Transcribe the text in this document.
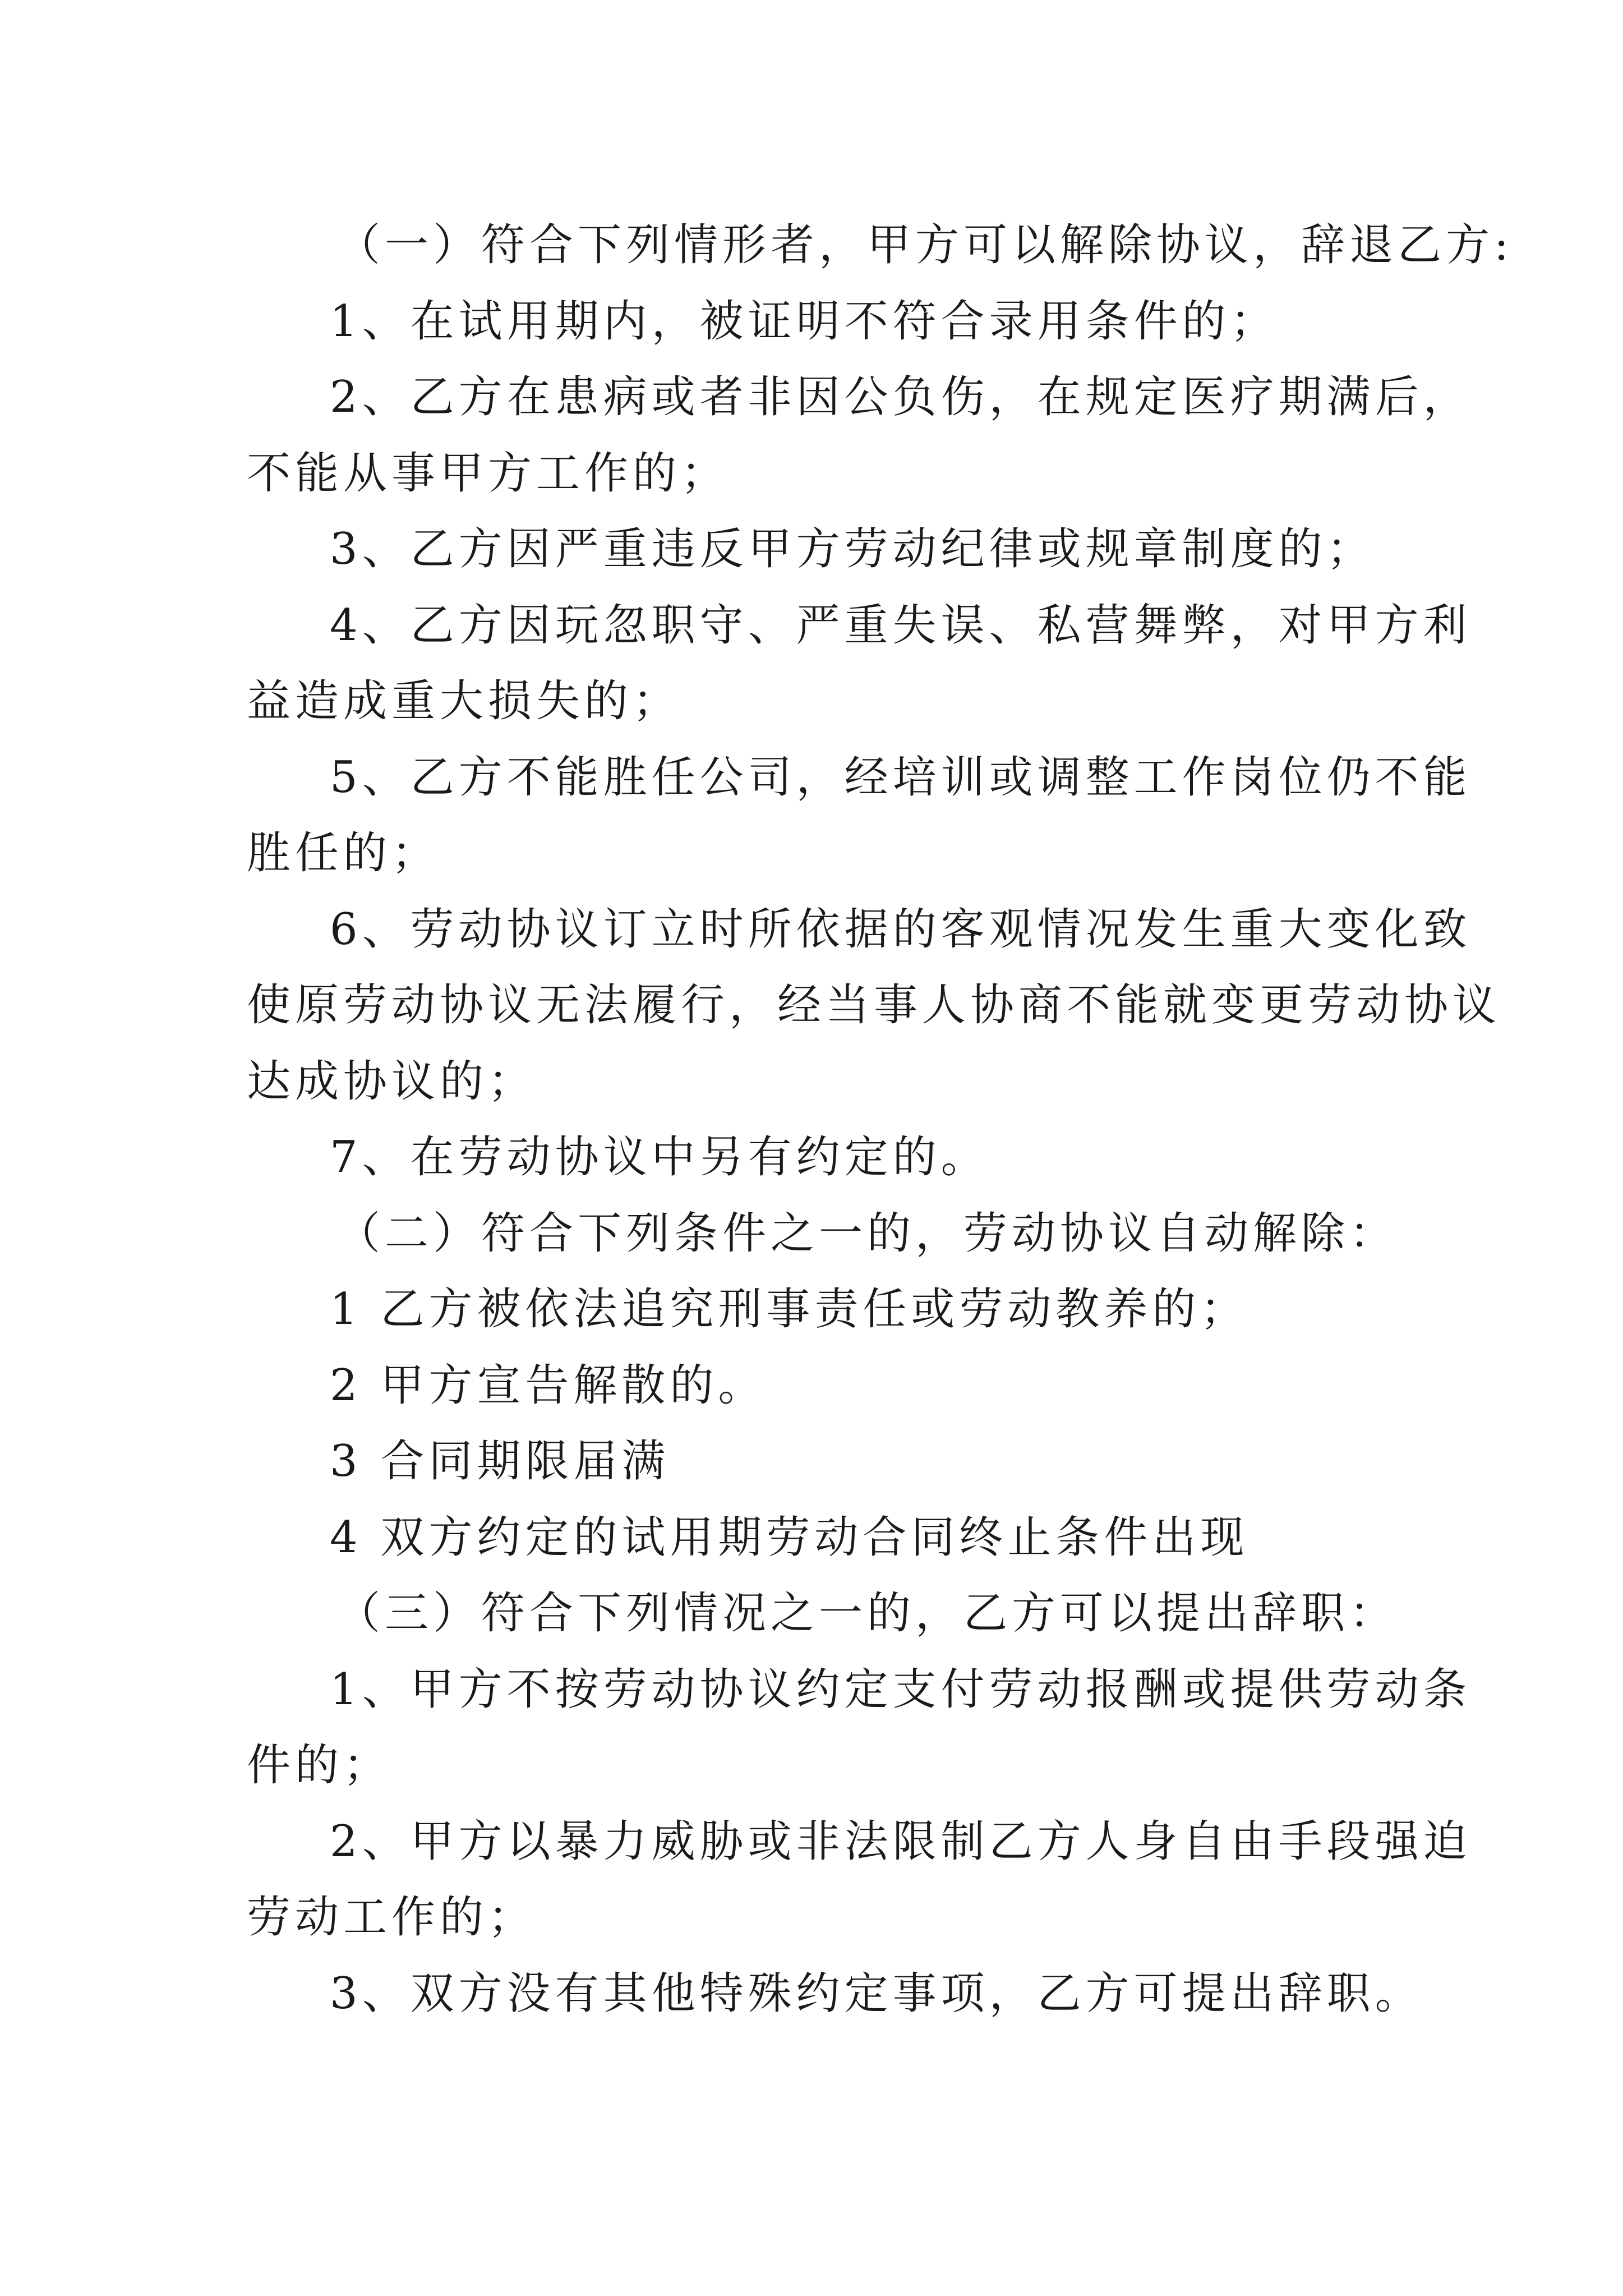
（一）符合下列情形者，甲方可以解除协议，辞退乙方:
1、在试用期内，被证明不符合录用条件的；
2、乙方在患病或者非因公负伤，在规定医疗期满后，
不能从事甲方工作的；
3、乙方因严重违反甲方劳动纪律或规章制度的；
4、乙方因玩忽职守、严重失误、私营舞弊，对甲方利
益造成重大损失的；
5、乙方不能胜任公司，经培训或调整工作岗位仍不能
胜任的；
6、劳动协议订立时所依据的客观情况发生重大变化致
使原劳动协议无法履行，经当事人协商不能就变更劳动协议
达成协议的；
7、在劳动协议中另有约定的。
（二）符合下列条件之一的，劳动协议自动解除：
1 乙方被依法追究刑事责任或劳动教养的；
2 甲方宣告解散的。
3 合同期限届满
4 双方约定的试用期劳动合同终止条件出现
（三）符合下列情况之一的，乙方可以提出辞职：
1、甲方不按劳动协议约定支付劳动报酬或提供劳动条
件的；
2、甲方以暴力威胁或非法限制乙方人身自由手段强迫
劳动工作的；
3、双方没有其他特殊约定事项，乙方可提出辞职。
